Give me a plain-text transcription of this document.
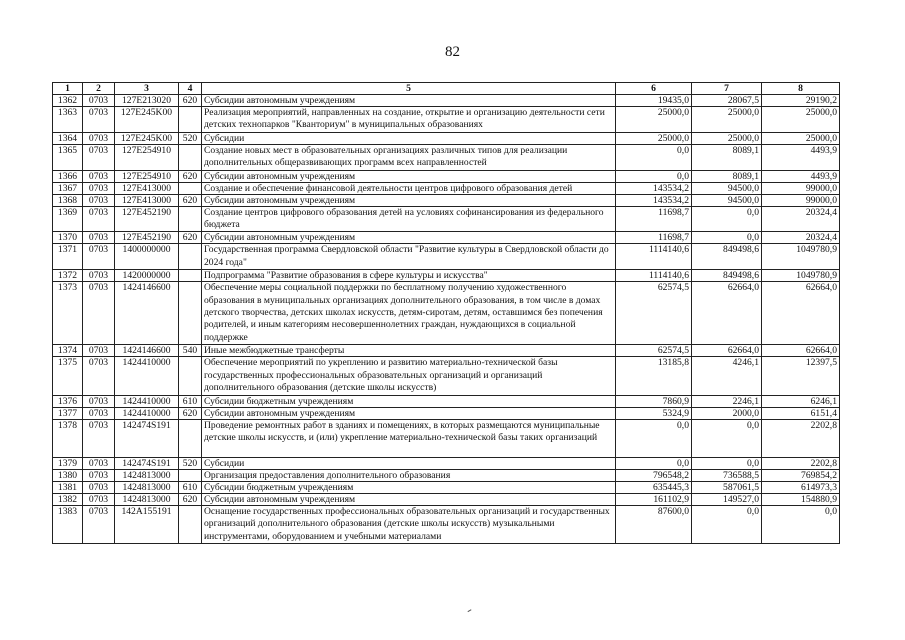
82
1	2	3	4	5	6	7	8
1362	0703	127E213020	620	Субсидии автономным учреждениям	19435,0	28067,5	29190,2
1363	0703	127E245K00		Реализация мероприятий, направленных на создание, открытие и организацию деятельности сети детских технопарков "Кванториум" в муниципальных образованиях	25000,0	25000,0	25000,0
1364	0703	127E245K00	520	Субсидии	25000,0	25000,0	25000,0
1365	0703	127E254910		Создание новых мест в образовательных организациях различных типов для реализации дополнительных общеразвивающих программ всех направленностей	0,0	8089,1	4493,9
1366	0703	127E254910	620	Субсидии автономным учреждениям	0,0	8089,1	4493,9
1367	0703	127E413000		Создание и обеспечение финансовой деятельности центров цифрового образования детей	143534,2	94500,0	99000,0
1368	0703	127E413000	620	Субсидии автономным учреждениям	143534,2	94500,0	99000,0
1369	0703	127E452190		Создание центров цифрового образования детей на условиях софинансирования из федерального бюджета	11698,7	0,0	20324,4
1370	0703	127E452190	620	Субсидии автономным учреждениям	11698,7	0,0	20324,4
1371	0703	1400000000		Государственная программа Свердловской области "Развитие культуры в Свердловской области до 2024 года"	1114140,6	849498,6	1049780,9
1372	0703	1420000000		Подпрограмма "Развитие образования в сфере культуры и искусства"	1114140,6	849498,6	1049780,9
1373	0703	1424146600		Обеспечение меры социальной поддержки по бесплатному получению художественного образования в муниципальных организациях дополнительного образования, в том числе в домах детского творчества, детских школах искусств, детям-сиротам, детям, оставшимся без попечения родителей, и иным категориям несовершеннолетних граждан, нуждающихся в социальной поддержке	62574,5	62664,0	62664,0
1374	0703	1424146600	540	Иные межбюджетные трансферты	62574,5	62664,0	62664,0
1375	0703	1424410000		Обеспечение мероприятий по укреплению и развитию материально-технической базы государственных профессиональных образовательных организаций и организаций дополнительного образования (детские школы искусств)	13185,8	4246,1	12397,5
1376	0703	1424410000	610	Субсидии бюджетным учреждениям	7860,9	2246,1	6246,1
1377	0703	1424410000	620	Субсидии автономным учреждениям	5324,9	2000,0	6151,4
1378	0703	142474S191		Проведение ремонтных работ в зданиях и помещениях, в которых размещаются муниципальные детские школы искусств, и (или) укрепление материально-технической базы таких организаций	0,0	0,0	2202,8
1379	0703	142474S191	520	Субсидии	0,0	0,0	2202,8
1380	0703	1424813000		Организация предоставления дополнительного образования	796548,2	736588,5	769854,2
1381	0703	1424813000	610	Субсидии бюджетным учреждениям	635445,3	587061,5	614973,3
1382	0703	1424813000	620	Субсидии автономным учреждениям	161102,9	149527,0	154880,9
1383	0703	142A155191		Оснащение государственных профессиональных образовательных организаций и государственных организаций дополнительного образования (детские школы искусств) музыкальными инструментами, оборудованием и учебными материалами	87600,0	0,0	0,0
